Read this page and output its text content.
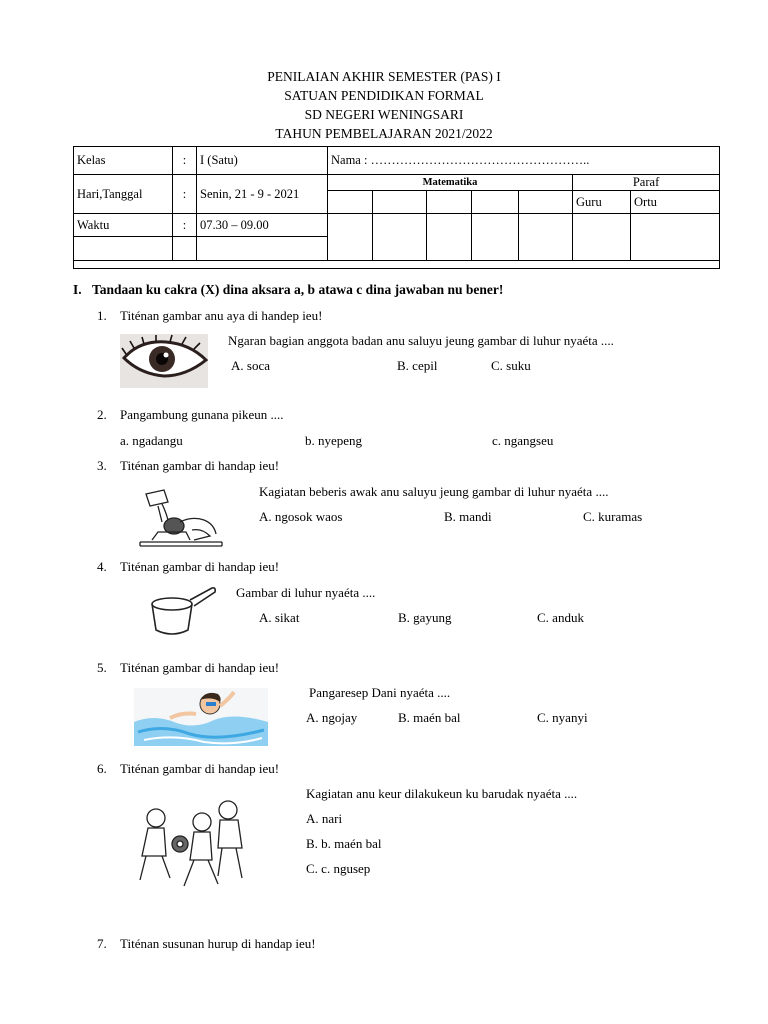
PENILAIAN AKHIR SEMESTER (PAS) I
SATUAN PENDIDIKAN FORMAL
SD NEGERI WENINGSARI
TAHUN PEMBELAJARAN 2021/2022
Kelas	:	I (Satu)	Nama : ……………………………………………..						
Hari,Tanggal	:	Senin, 21 - 9 - 2021	Matematika					Paraf	
								Guru	Ortu
Waktu	:	07.30 – 09.00							

I. Tandaan ku cakra (X) dina aksara a, b atawa c dina jawaban nu bener!
1. Titénan gambar anu aya di handep ieu!
Ngaran bagian anggota badan anu saluyu jeung gambar di luhur nyaéta ....
A. soca	B. cepil	C. suku
2. Pangambung gunana pikeun ....
a. ngadangu	b. nyepeng	c. ngangseu
3. Titénan gambar di handap ieu!
Kagiatan beberis awak anu saluyu jeung gambar di luhur nyaéta ....
A. ngosok waos	B. mandi	C. kuramas
4. Titénan gambar di handap ieu!
Gambar di luhur nyaéta ....
A. sikat	B. gayung	C. anduk
5. Titénan gambar di handap ieu!
Pangaresep Dani nyaéta ....
A. ngojay	B. maén bal	C. nyanyi
6. Titénan gambar di handap ieu!
Kagiatan anu keur dilakukeun ku barudak nyaéta ....
A. nari
B. b. maén bal
C. c. ngusep
7. Titénan susunan hurup di handap ieu!
